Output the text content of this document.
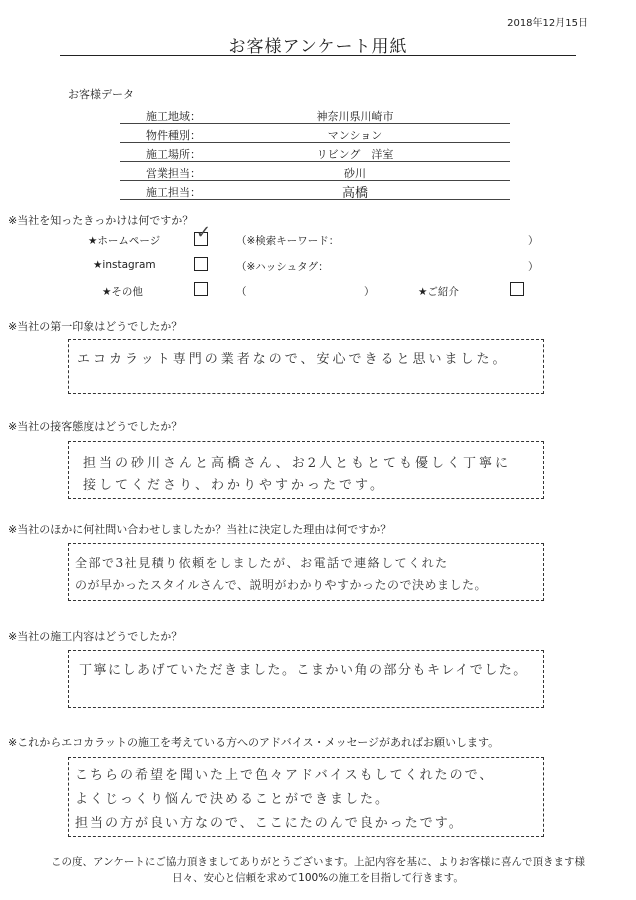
2018年12月15日
お客様アンケート用紙
お客様データ
施工地域：	神奈川県川崎市
物件種別：	マンション
施工場所：	リビング　洋室
営業担当：	砂川
施工担当：	高橋
※当社を知ったきっかけは何ですか？
★ホームページ ✓ （※検索キーワード：	）
★instagram	（※ハッシュタグ：	）
★その他	（	）	★ご紹介
※当社の第一印象はどうでしたか？
エコカラット専門の業者なので、安心できると思いました。
※当社の接客態度はどうでしたか？
担当の砂川さんと高橋さん、お2人ともとても優しく丁寧に
接してくださり、わかりやすかったです。
※当社のほかに何社問い合わせしましたか？当社に決定した理由は何ですか？
全部で3社見積り依頼をしましたが、お電話で連絡してくれた
のが早かったスタイルさんで、説明がわかりやすかったので決めました。
※当社の施工内容はどうでしたか？
丁寧にしあげていただきました。こまかい角の部分もキレイでした。
※これからエコカラットの施工を考えている方へのアドバイス・メッセージがあればお願いします。
こちらの希望を聞いた上で色々アドバイスもしてくれたので、
よくじっくり悩んで決めることができました。
担当の方が良い方なので、ここにたのんで良かったです。
この度、アンケートにご協力頂きましてありがとうございます。上記内容を基に、よりお客様に喜んで頂きます様
日々、安心と信頼を求めて100%の施工を目指して行きます。
